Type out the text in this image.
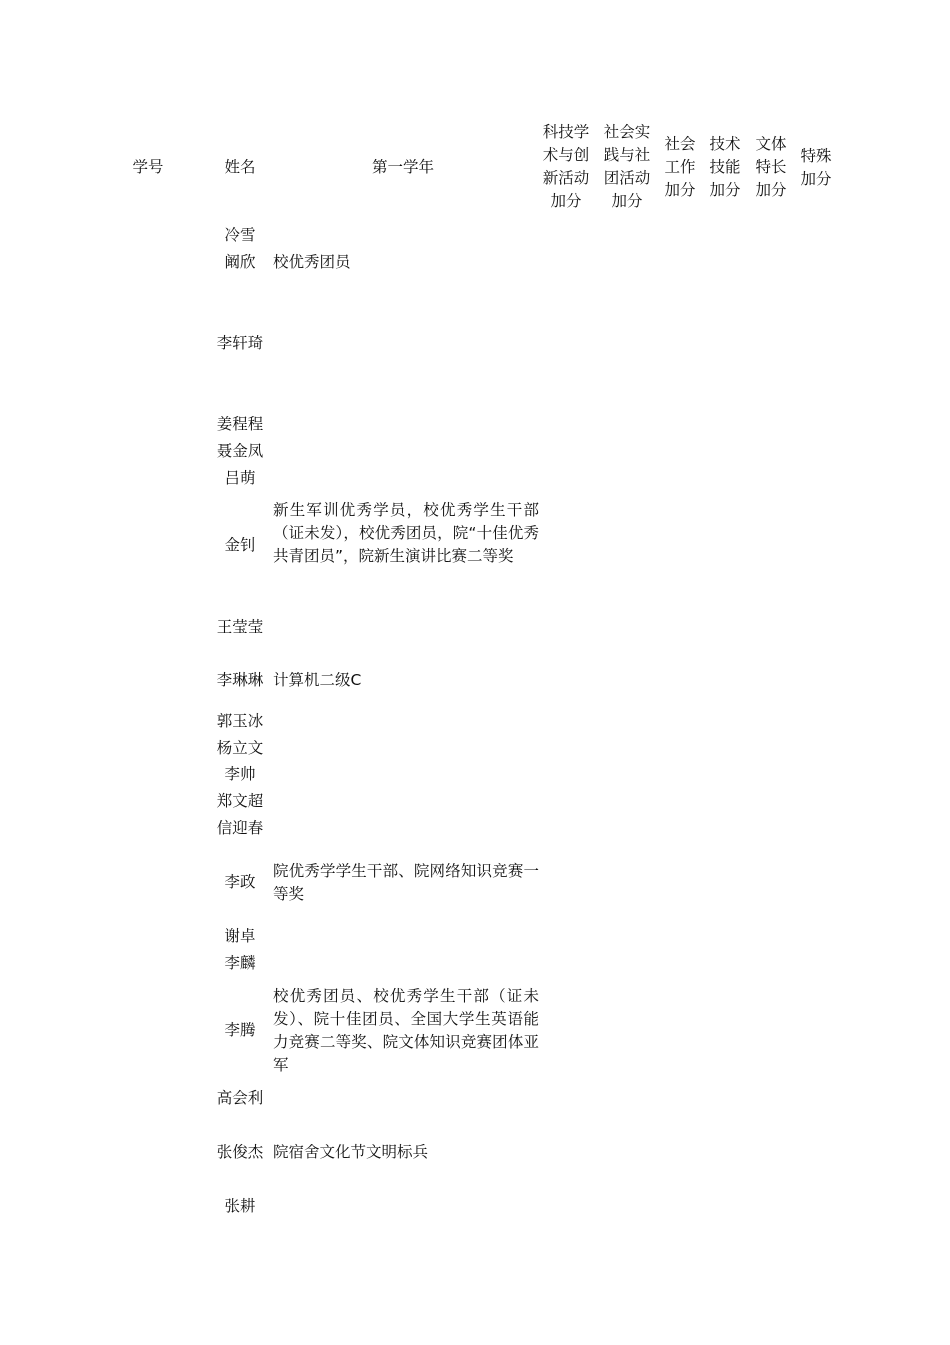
学号	姓名	第一学年
科技学
术与创
新活动
加分
社会实
践与社
团活动
加分
社会
工作
加分
技术
技能
加分
文体
特长
加分
特殊
加分
冷雪
阚欣
李轩琦
姜程程
聂金凤
吕萌
金钊
王莹莹
李琳琳
郭玉冰
杨立文
李帅
郑文超
信迎春
李政
谢卓
李麟
李腾
高会利
张俊杰
张耕
校优秀团员
新生军训优秀学员，校优秀学生干部（证未发），校优秀团员，院“十佳优秀共青团员”，院新生演讲比赛二等奖
计算机二级C
院优秀学学生干部、院网络知识竞赛一等奖
校优秀团员、校优秀学生干部（证未发）、院十佳团员、全国大学生英语能力竞赛二等奖、院文体知识竞赛团体亚军
院宿舍文化节文明标兵
